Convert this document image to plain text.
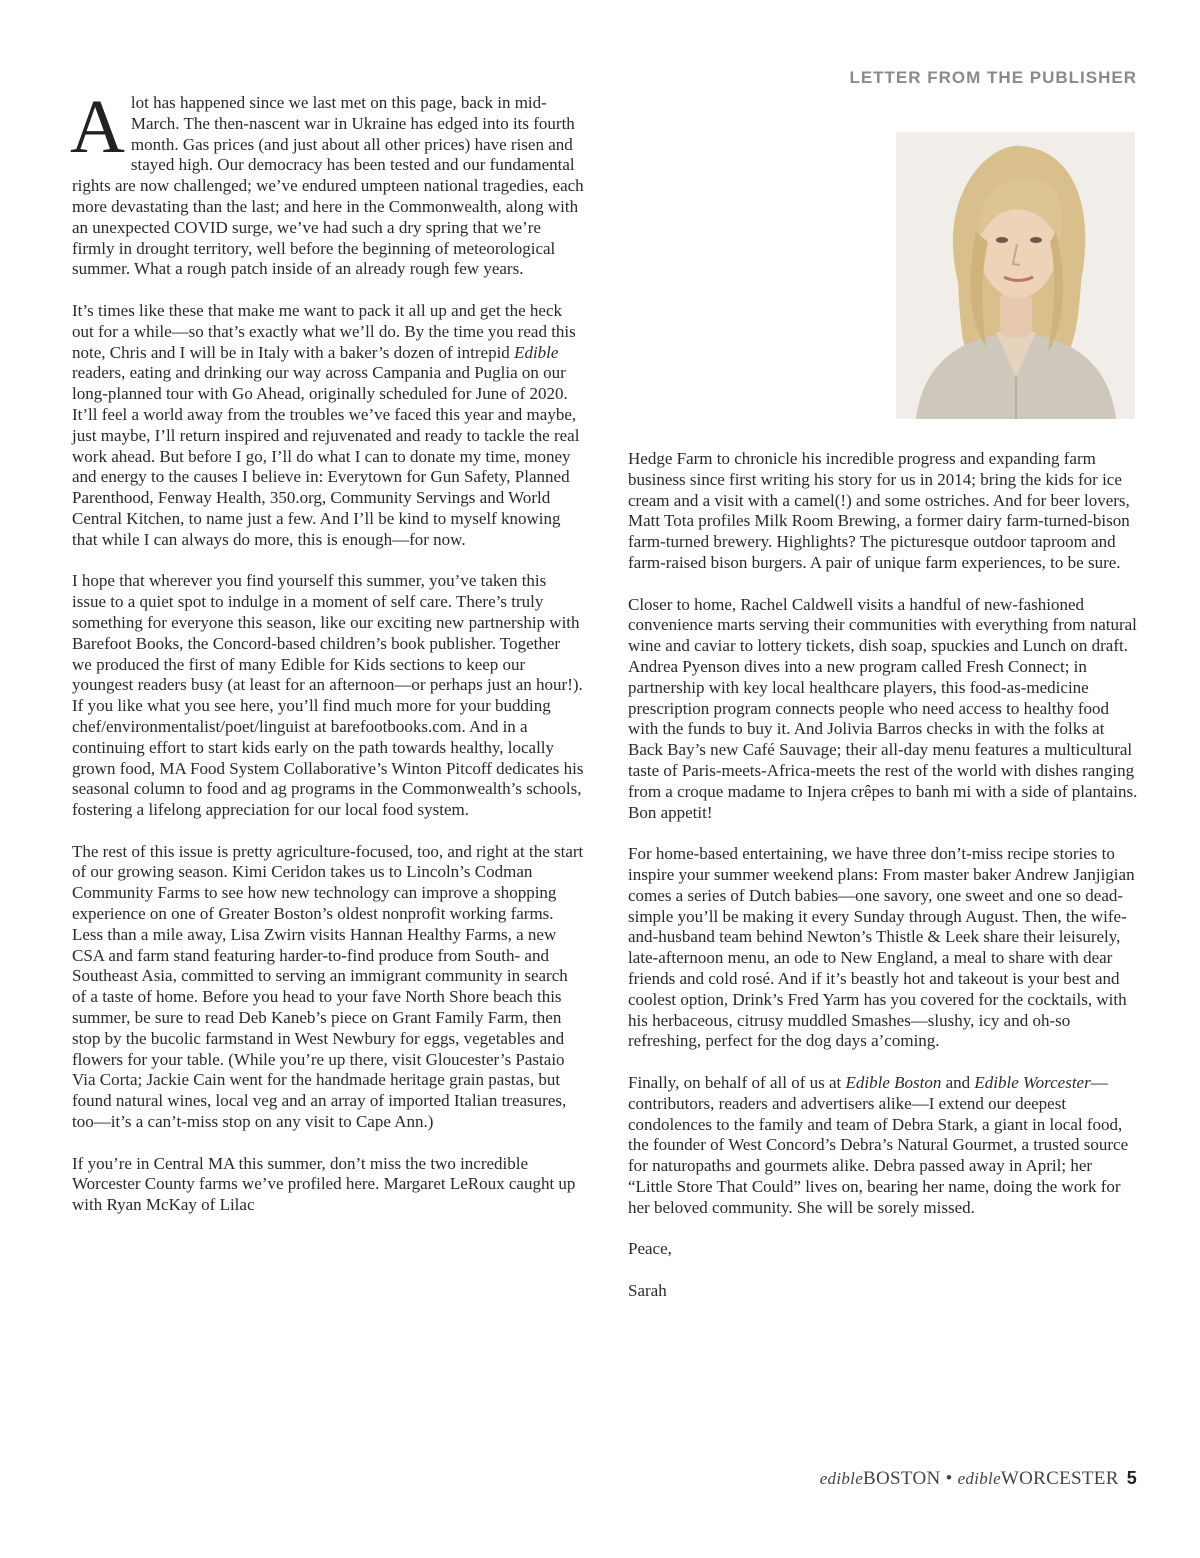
LETTER FROM THE PUBLISHER

A lot has happened since we last met on this page, back in mid-March. The then-nascent war in Ukraine has edged into its fourth month. Gas prices (and just about all other prices) have risen and stayed high. Our democracy has been tested and our fundamental rights are now challenged; we’ve endured umpteen national tragedies, each more devastating than the last; and here in the Commonwealth, along with an unexpected COVID surge, we’ve had such a dry spring that we’re firmly in drought territory, well before the beginning of meteorological summer. What a rough patch inside of an already rough few years.

It’s times like these that make me want to pack it all up and get the heck out for a while—so that’s exactly what we’ll do. By the time you read this note, Chris and I will be in Italy with a baker’s dozen of intrepid Edible readers, eating and drinking our way across Campania and Puglia on our long-planned tour with Go Ahead, originally scheduled for June of 2020. It’ll feel a world away from the troubles we’ve faced this year and maybe, just maybe, I’ll return inspired and rejuvenated and ready to tackle the real work ahead. But before I go, I’ll do what I can to donate my time, money and energy to the causes I believe in: Everytown for Gun Safety, Planned Parenthood, Fenway Health, 350.org, Community Servings and World Central Kitchen, to name just a few. And I’ll be kind to myself knowing that while I can always do more, this is enough—for now.

I hope that wherever you find yourself this summer, you’ve taken this issue to a quiet spot to indulge in a moment of self care. There’s truly something for everyone this season, like our exciting new partnership with Barefoot Books, the Concord-based children’s book publisher. Together we produced the first of many Edible for Kids sections to keep our youngest readers busy (at least for an afternoon—or perhaps just an hour!). If you like what you see here, you’ll find much more for your budding chef/environmentalist/poet/linguist at barefootbooks.com. And in a continuing effort to start kids early on the path towards healthy, locally grown food, MA Food System Collaborative’s Winton Pitcoff dedicates his seasonal column to food and ag programs in the Commonwealth’s schools, fostering a lifelong appreciation for our local food system.

The rest of this issue is pretty agriculture-focused, too, and right at the start of our growing season. Kimi Ceridon takes us to Lincoln’s Codman Community Farms to see how new technology can improve a shopping experience on one of Greater Boston’s oldest nonprofit working farms. Less than a mile away, Lisa Zwirn visits Hannan Healthy Farms, a new CSA and farm stand featuring harder-to-find produce from South- and Southeast Asia, committed to serving an immigrant community in search of a taste of home. Before you head to your fave North Shore beach this summer, be sure to read Deb Kaneb’s piece on Grant Family Farm, then stop by the bucolic farmstand in West Newbury for eggs, vegetables and flowers for your table. (While you’re up there, visit Gloucester’s Pastaio Via Corta; Jackie Cain went for the handmade heritage grain pastas, but found natural wines, local veg and an array of imported Italian treasures, too—it’s a can’t-miss stop on any visit to Cape Ann.)

If you’re in Central MA this summer, don’t miss the two incredible Worcester County farms we’ve profiled here. Margaret LeRoux caught up with Ryan McKay of Lilac

Hedge Farm to chronicle his incredible progress and expanding farm business since first writing his story for us in 2014; bring the kids for ice cream and a visit with a camel(!) and some ostriches. And for beer lovers, Matt Tota profiles Milk Room Brewing, a former dairy farm-turned-bison farm-turned brewery. Highlights? The picturesque outdoor taproom and farm-raised bison burgers. A pair of unique farm experiences, to be sure.

Closer to home, Rachel Caldwell visits a handful of new-fashioned convenience marts serving their communities with everything from natural wine and caviar to lottery tickets, dish soap, spuckies and Lunch on draft. Andrea Pyenson dives into a new program called Fresh Connect; in partnership with key local healthcare players, this food-as-medicine prescription program connects people who need access to healthy food with the funds to buy it. And Jolivia Barros checks in with the folks at Back Bay’s new Café Sauvage; their all-day menu features a multicultural taste of Paris-meets-Africa-meets the rest of the world with dishes ranging from a croque madame to Injera crêpes to banh mi with a side of plantains. Bon appetit!

For home-based entertaining, we have three don’t-miss recipe stories to inspire your summer weekend plans: From master baker Andrew Janjigian comes a series of Dutch babies—one savory, one sweet and one so dead-simple you’ll be making it every Sunday through August. Then, the wife-and-husband team behind Newton’s Thistle & Leek share their leisurely, late-afternoon menu, an ode to New England, a meal to share with dear friends and cold rosé. And if it’s beastly hot and takeout is your best and coolest option, Drink’s Fred Yarm has you covered for the cocktails, with his herbaceous, citrusy muddled Smashes—slushy, icy and oh-so refreshing, perfect for the dog days a’coming.

Finally, on behalf of all of us at Edible Boston and Edible Worcester—contributors, readers and advertisers alike—I extend our deepest condolences to the family and team of Debra Stark, a giant in local food, the founder of West Concord’s Debra’s Natural Gourmet, a trusted source for naturopaths and gourmets alike. Debra passed away in April; her “Little Store That Could” lives on, bearing her name, doing the work for her beloved community. She will be sorely missed.

Peace,

Sarah

edibleBOSTON • edibleWORCESTER 5
